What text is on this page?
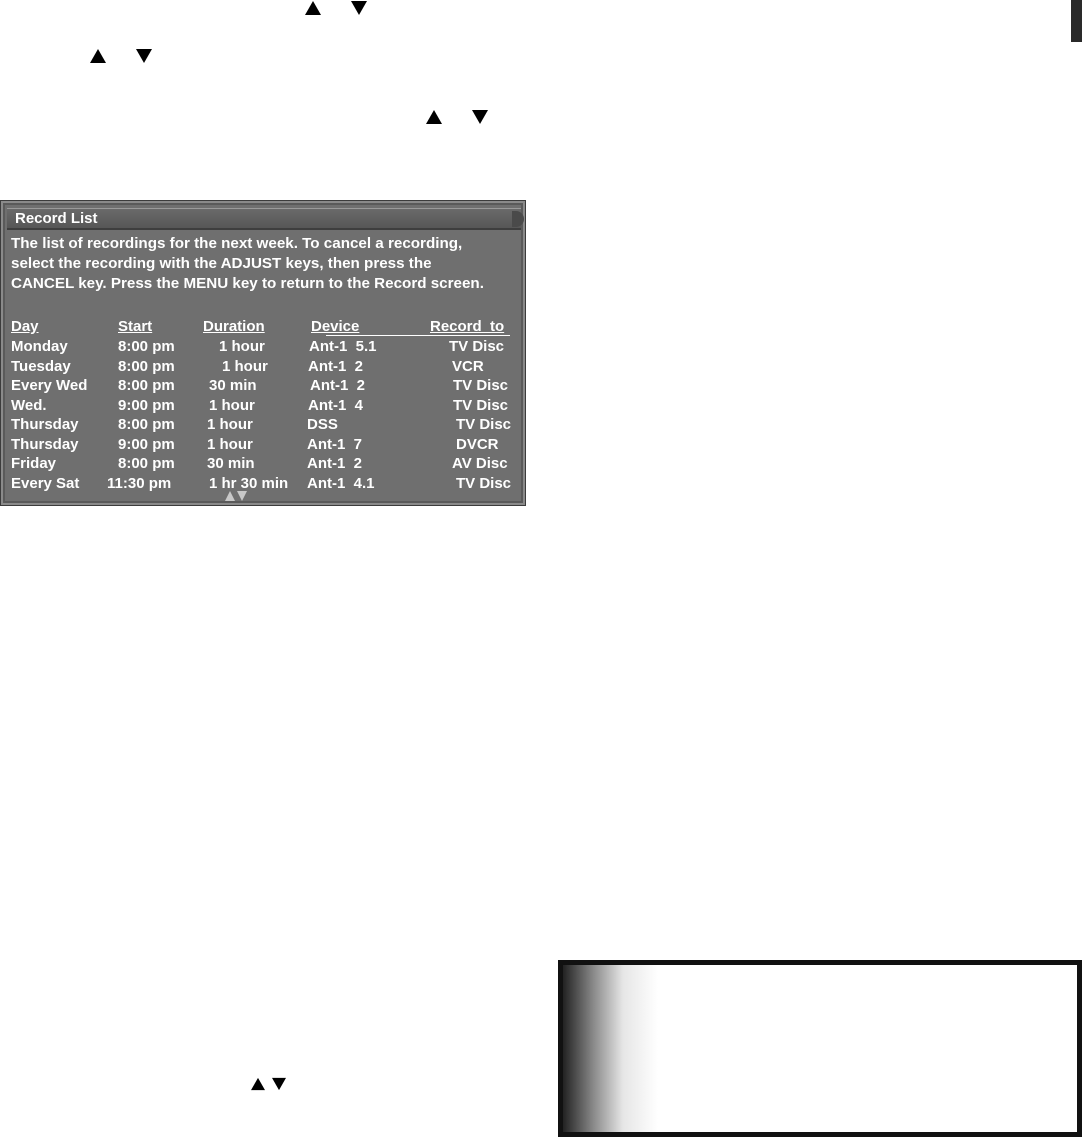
Record List
The list of recordings for the next week. To cancel a recording,
select the recording with the ADJUST keys, then press the
CANCEL key. Press the MENU key to return to the Record screen.
Day	Start	Duration	Device	Record  to
Monday	8:00 pm	1 hour	Ant-1  5.1	TV Disc
Tuesday	8:00 pm	1 hour	Ant-1  2	VCR
Every Wed 8:00 pm 30 min	Ant-1  2	TV Disc
Wed.	9:00 pm 1 hour	Ant-1  4	TV Disc
Thursday	8:00 pm 1 hour	DSS	TV Disc
Thursday	9:00 pm 1 hour	Ant-1  7	DVCR
Friday	8:00 pm 30 min	Ant-1  2	AV Disc
Every Sat 11:30 pm	1 hr 30 min Ant-1  4.1	TV Disc
